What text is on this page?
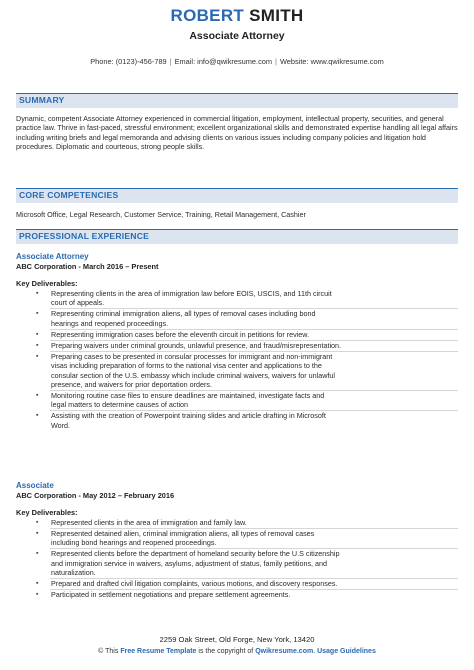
ROBERT SMITH
Associate Attorney
Phone: (0123)-456-789 | Email: info@qwikresume.com | Website: www.qwikresume.com
SUMMARY
Dynamic, competent Associate Attorney experienced in commercial litigation, employment, intellectual property, securities, and general practice law. Thrive in fast-paced, stressful environment; excellent organizational skills and demonstrated expertise handling all legal affairs including writing briefs and legal memoranda and advising clients on various issues including company policies and litigation hold procedures. Diplomatic and courteous, strong people skills.
CORE COMPETENCIES
Microsoft Office, Legal Research, Customer Service, Training, Retail Management, Cashier
PROFESSIONAL EXPERIENCE
Associate Attorney
ABC Corporation - March 2016 – Present
Key Deliverables:
▪ Representing clients in the area of immigration law before EOIS, USCIS, and 11th circuit
court of appeals.
▪ Representing criminal immigration aliens, all types of removal cases including bond
hearings and reopened proceedings.
▪ Representing immigration cases before the eleventh circuit in petitions for review.
▪ Preparing waivers under criminal grounds, unlawful presence, and fraud/misrepresentation.
▪ Preparing cases to be presented in consular processes for immigrant and non-immigrant
visas including preparation of forms to the national visa center and applications to the
consular section of the U.S. embassy which include criminal waivers, waivers for unlawful
presence, and waivers for prior deportation orders.
▪ Monitoring routine case files to ensure deadlines are maintained, investigate facts and
legal matters to determine causes of action
▪ Assisting with the creation of Powerpoint training slides and article drafting in Microsoft
Word.
Associate
ABC Corporation - May 2012 – February 2016
Key Deliverables:
▪ Represented clients in the area of immigration and family law.
▪ Represented detained alien, criminal immigration aliens, all types of removal cases
including bond hearings and reopened proceedings.
▪ Represented clients before the department of homeland security before the U.S citizenship
and immigration service in waivers, asylums, adjustment of status, family petitions, and
naturalization.
▪ Prepared and drafted civil litigation complaints, various motions, and discovery responses.
▪ Participated in settlement negotiations and prepare settlement agreements.
2259 Oak Street, Old Forge, New York, 13420
© This Free Resume Template is the copyright of Qwikresume.com. Usage Guidelines
